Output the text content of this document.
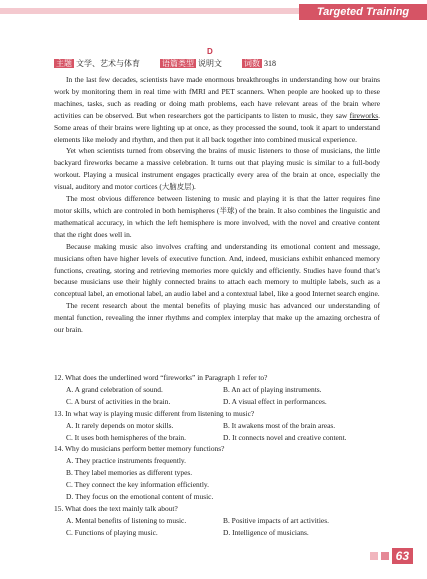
Targeted Training
D
主题 文学、艺术与体育	语篇类型 说明文	词数 318

In the last few decades, scientists have made enormous breakthroughs in understanding how our brains work by monitoring them in real time with fMRI and PET scanners. When people are hooked up to these machines, tasks, such as reading or doing math problems, each have relevant areas of the brain where activities can be observed. But when researchers got the participants to listen to music, they saw fireworks. Some areas of their brains were lighting up at once, as they processed the sound, took it apart to understand elements like melody and rhythm, and then put it all back together into combined musical experience.

Yet when scientists turned from observing the brains of music listeners to those of musicians, the little backyard fireworks became a massive celebration. It turns out that playing music is similar to a full-body workout. Playing a musical instrument engages practically every area of the brain at once, especially the visual, auditory and motor cortices (大脑皮层).

The most obvious difference between listening to music and playing it is that the latter requires fine motor skills, which are controled in both hemispheres (半球) of the brain. It also combines the linguistic and mathematical accuracy, in which the left hemisphere is more involved, with the novel and creative content that the right does well in.

Because making music also involves crafting and understanding its emotional content and message, musicians often have higher levels of executive function. And, indeed, musicians exhibit enhanced memory functions, creating, storing and retrieving memories more quickly and efficiently. Studies have found that’s because musicians use their highly connected brains to attach each memory to multiple labels, such as a conceptual label, an emotional label, an audio label and a contextual label, like a good Internet search engine.

The recent research about the mental benefits of playing music has advanced our understanding of mental function, revealing the inner rhythms and complex interplay that make up the amazing orchestra of our brain.

12. What does the underlined word “fireworks” in Paragraph 1 refer to?
A. A grand celebration of sound.	B. An act of playing instruments.
C. A burst of activities in the brain.	D. A visual effect in performances.
13. In what way is playing music different from listening to music?
A. It rarely depends on motor skills.	B. It awakens most of the brain areas.
C. It uses both hemispheres of the brain.	D. It connects novel and creative content.
14. Why do musicians perform better memory functions?
A. They practice instruments frequently.
B. They label memories as different types.
C. They connect the key information efficiently.
D. They focus on the emotional content of music.
15. What does the text mainly talk about?
A. Mental benefits of listening to music.	B. Positive impacts of art activities.
C. Functions of playing music.	D. Intelligence of musicians.
63
